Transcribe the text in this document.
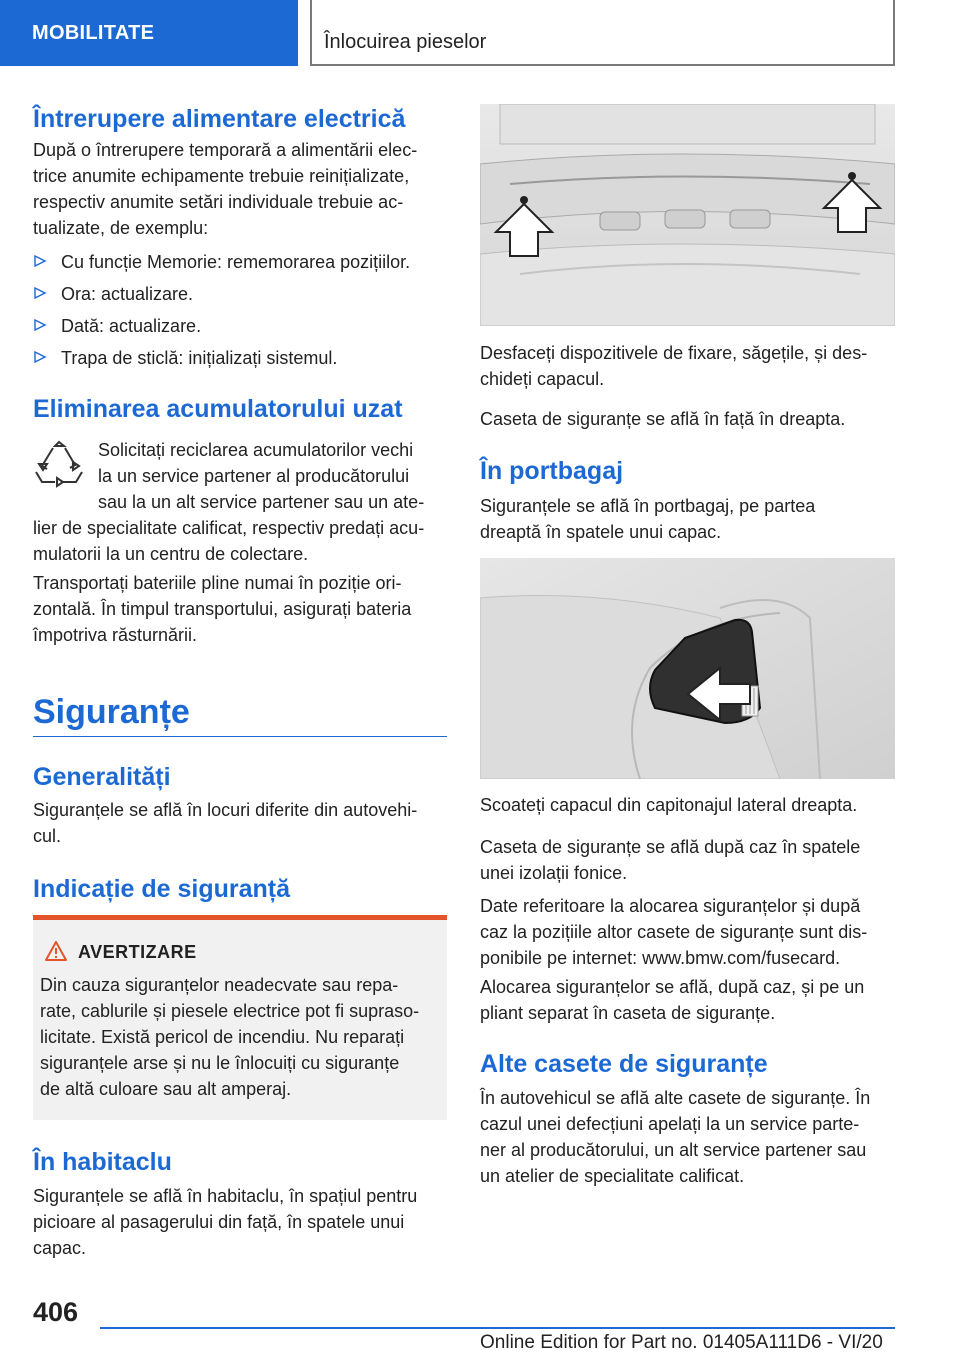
MOBILITATE	Înlocuirea pieselor
Întrerupere alimentare electrică
După o întrerupere temporară a alimentării elec-
trice anumite echipamente trebuie reinițializate,
respectiv anumite setări individuale trebuie ac-
tualizate, de exemplu:
Cu funcție Memorie: rememorarea pozițiilor.
Ora: actualizare.
Dată: actualizare.
Trapa de sticlă: inițializați sistemul.
Eliminarea acumulatorului uzat
Solicitați reciclarea acumulatorilor vechi
la un service partener al producătorului
sau la un alt service partener sau un ate-
lier de specialitate calificat, respectiv predați acu-
mulatorii la un centru de colectare.
Transportați bateriile pline numai în poziție ori-
zontală. În timpul transportului, asigurați bateria
împotriva răsturnării.
Siguranțe
Generalități
Siguranțele se află în locuri diferite din autovehi-
cul.
Indicație de siguranță
AVERTIZARE
Din cauza siguranțelor neadecvate sau repa-
rate, cablurile și piesele electrice pot fi supraso-
licitate. Există pericol de incendiu. Nu reparați
siguranțele arse și nu le înlocuiți cu siguranțe
de altă culoare sau alt amperaj.
În habitaclu
Siguranțele se află în habitaclu, în spațiul pentru
picioare al pasagerului din față, în spatele unui
capac.
Desfaceți dispozitivele de fixare, săgețile, și des-
chideți capacul.
Caseta de siguranțe se află în față în dreapta.
În portbagaj
Siguranțele se află în portbagaj, pe partea
dreaptă în spatele unui capac.
Scoateți capacul din capitonajul lateral dreapta.
Caseta de siguranțe se află după caz în spatele
unei izolații fonice.
Date referitoare la alocarea siguranțelor și după
caz la pozițiile altor casete de siguranțe sunt dis-
ponibile pe internet: www.bmw.com/fusecard.
Alocarea siguranțelor se află, după caz, și pe un
pliant separat în caseta de siguranțe.
Alte casete de siguranțe
În autovehicul se află alte casete de siguranțe. În
cazul unei defecțiuni apelați la un service parte-
ner al producătorului, un alt service partener sau
un atelier de specialitate calificat.
406
Online Edition for Part no. 01405A111D6 - VI/20
